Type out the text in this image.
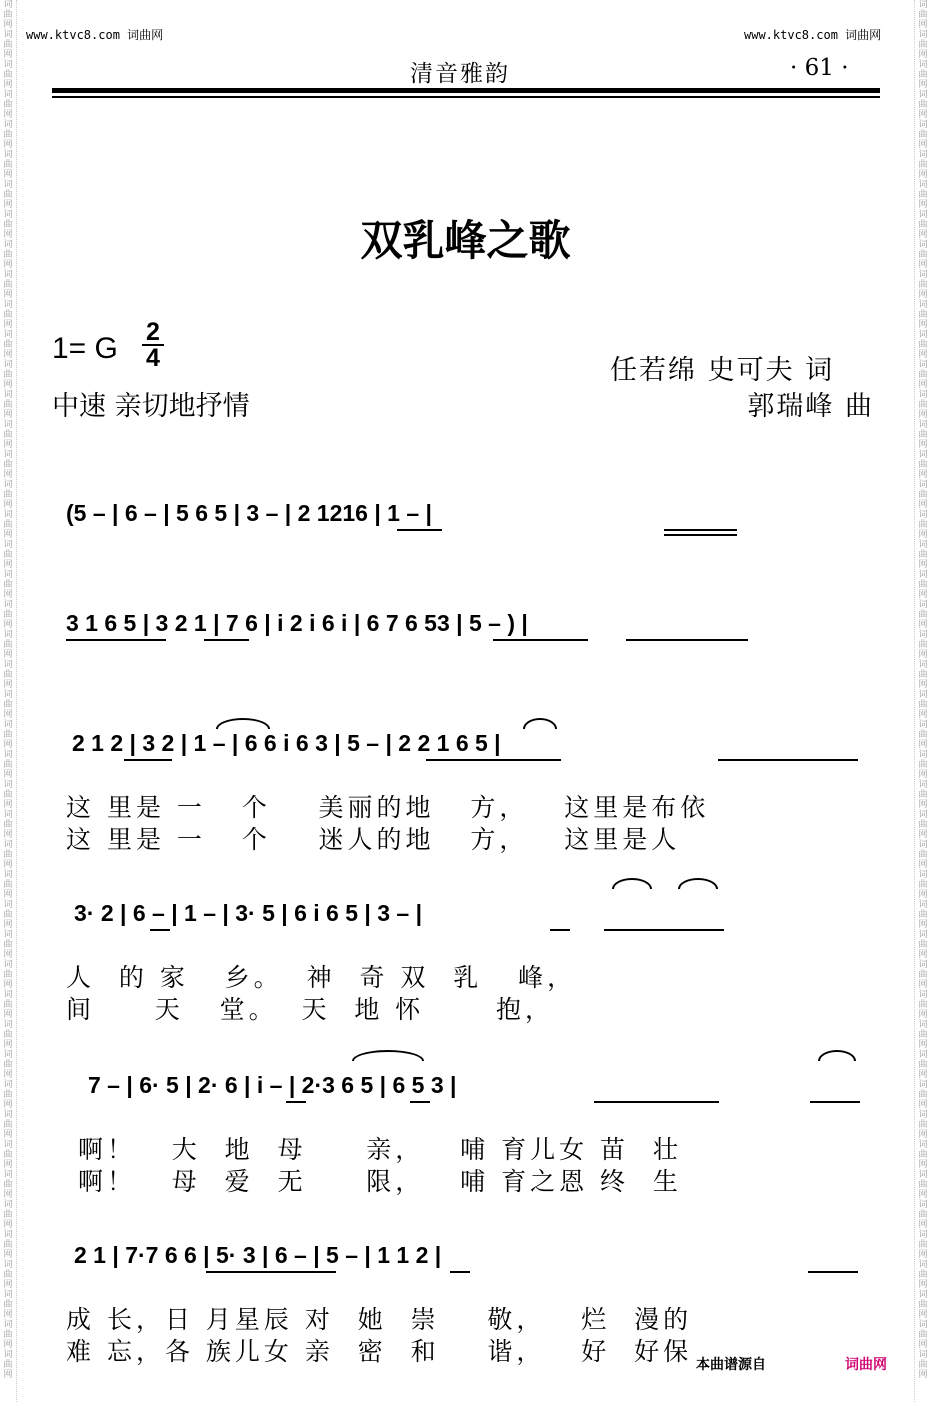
词
曲
网
词
曲
网
词
曲
网
词
曲
网
词
曲
网
词
曲
网
词
曲
网
词
曲
网
词
曲
网
词
曲
网
词
曲
网
词
曲
网
词
曲
网
词
曲
网
词
曲
网
词
曲
网
词
曲
网
词
曲
网
词
曲
网
词
曲
网
词
曲
网
词
曲
网
词
曲
网
词
曲
网
词
曲
网
词
曲
网
词
曲
网
词
曲
网
词
曲
网
词
曲
网
词
曲
网
词
曲
网
词
曲
网
词
曲
网
词
曲
网
词
曲
网
词
曲
网
词
曲
网
词
曲
网
词
曲
网
词
曲
网
词
曲
网
词
曲
网
词
曲
网
词
曲
网
词
曲
网
词
曲
网
词
曲
网
词
曲
网
词
曲
网
词
曲
网
词
曲
网
词
曲
网
词
曲
网
词
曲
网
词
曲
网
词
曲
网
词
曲
网
词
曲
网
词
曲
网
词
曲
网
词
曲
网
词
曲
网
词
曲
网
词
曲
网
词
曲
网
词
曲
网
词
曲
网
词
曲
网
词
曲
网
词
曲
网
词
曲
网
词
曲
网
词
曲
网
词
曲
网
词
曲
网
词
曲
网
词
曲
网
词
曲
网
词
曲
网
词
曲
网
词
曲
网
词
曲
网
词
曲
网
词
曲
网
词
曲
网
词
曲
网
词
曲
网
词
曲
网
词
曲
网
词
曲
网
词
曲
网
www.ktvc8.com 词曲网	www.ktvc8.com 词曲网
清音雅韵	· 61 ·
双乳峰之歌
1= G 2
4
中速 亲切地抒情
任若绵 史可夫 词
郭瑞峰 曲
(5 – | 6 – | 5 6 5 | 3 – | 2 1216 | 1 – |
3 1 6 5 | 3 2 1 | 7 6 | i 2 i 6 i | 6 7 6 53 | 5 – ) |
2 1 2 | 3 2 | 1 – | 6 6 i 6 3 | 5 – | 2 2 1 6 5 |
这 里是 一   个    美丽的地   方，   这里是布依
这 里是 一   个    迷人的地   方，   这里是人
3· 2 | 6 – | 1 – | 3· 5 | 6 i 6 5 | 3 – |
人  的 家   乡。  神  奇 双  乳   峰，
间     天   堂。  天  地 怀      抱，
7 – | 6· 5 | 2· 6 | i – | 2·3 6 5 | 6 5 3 |
啊！   大  地  母     亲，   哺 育儿女 苗  壮
啊！   母  爱  无     限，   哺 育之恩 终  生
2 1 | 7·7 6 6 | 5· 3 | 6 – | 5 – | 1 1 2 |
成 长，日 月星辰 对  她  崇    敬，   烂  漫的
难 忘，各 族儿女 亲  密  和    谐，   好  好保 本曲谱源自	词曲网
